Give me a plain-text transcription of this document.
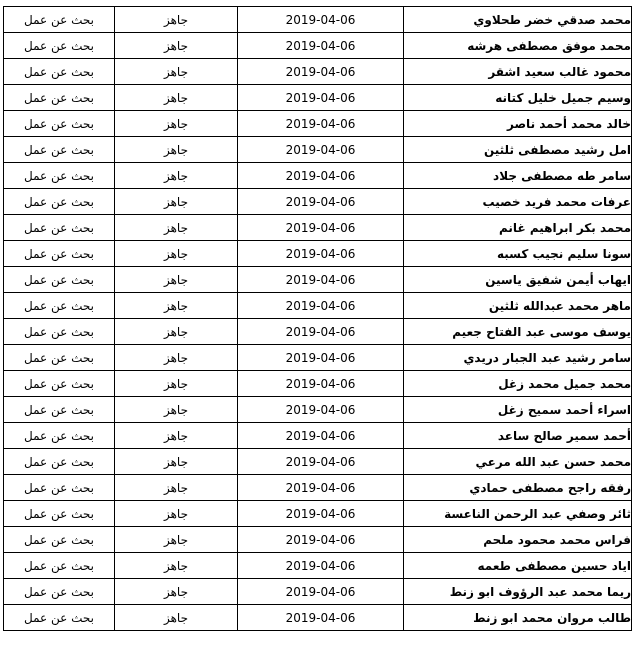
محمد صدقي خضر طحلاوي	2019-04-06	جاهز	بحث عن عمل
محمد موفق مصطفى هرشه	2019-04-06	جاهز	بحث عن عمل
محمود غالب سعيد اشقر	2019-04-06	جاهز	بحث عن عمل
وسيم جميل خليل كتانه	2019-04-06	جاهز	بحث عن عمل
خالد محمد أحمد ناصر	2019-04-06	جاهز	بحث عن عمل
امل رشيد مصطفى ثلثين	2019-04-06	جاهز	بحث عن عمل
سامر طه مصطفى جلاد	2019-04-06	جاهز	بحث عن عمل
عرفات محمد فريد خصيب	2019-04-06	جاهز	بحث عن عمل
محمد بكر ابراهيم غانم	2019-04-06	جاهز	بحث عن عمل
سونا سليم نجيب كسبه	2019-04-06	جاهز	بحث عن عمل
ايهاب أيمن شفيق ياسين	2019-04-06	جاهز	بحث عن عمل
ماهر محمد عبدالله ثلثين	2019-04-06	جاهز	بحث عن عمل
يوسف موسى عبد الفتاح جعيم	2019-04-06	جاهز	بحث عن عمل
سامر رشيد عبد الجبار دريدي	2019-04-06	جاهز	بحث عن عمل
محمد جميل محمد زغل	2019-04-06	جاهز	بحث عن عمل
اسراء أحمد سميح زغل	2019-04-06	جاهز	بحث عن عمل
أحمد سمير صالح ساعد	2019-04-06	جاهز	بحث عن عمل
محمد حسن عبد الله مرعي	2019-04-06	جاهز	بحث عن عمل
رفقه راجح مصطفى حمادي	2019-04-06	جاهز	بحث عن عمل
ثائر وصفي عبد الرحمن الناعسة	2019-04-06	جاهز	بحث عن عمل
فراس محمد محمود ملحم	2019-04-06	جاهز	بحث عن عمل
اياد حسين مصطفى طعمه	2019-04-06	جاهز	بحث عن عمل
ريما محمد عبد الرؤوف ابو زنط	2019-04-06	جاهز	بحث عن عمل
طالب مروان محمد ابو زنط	2019-04-06	جاهز	بحث عن عمل
